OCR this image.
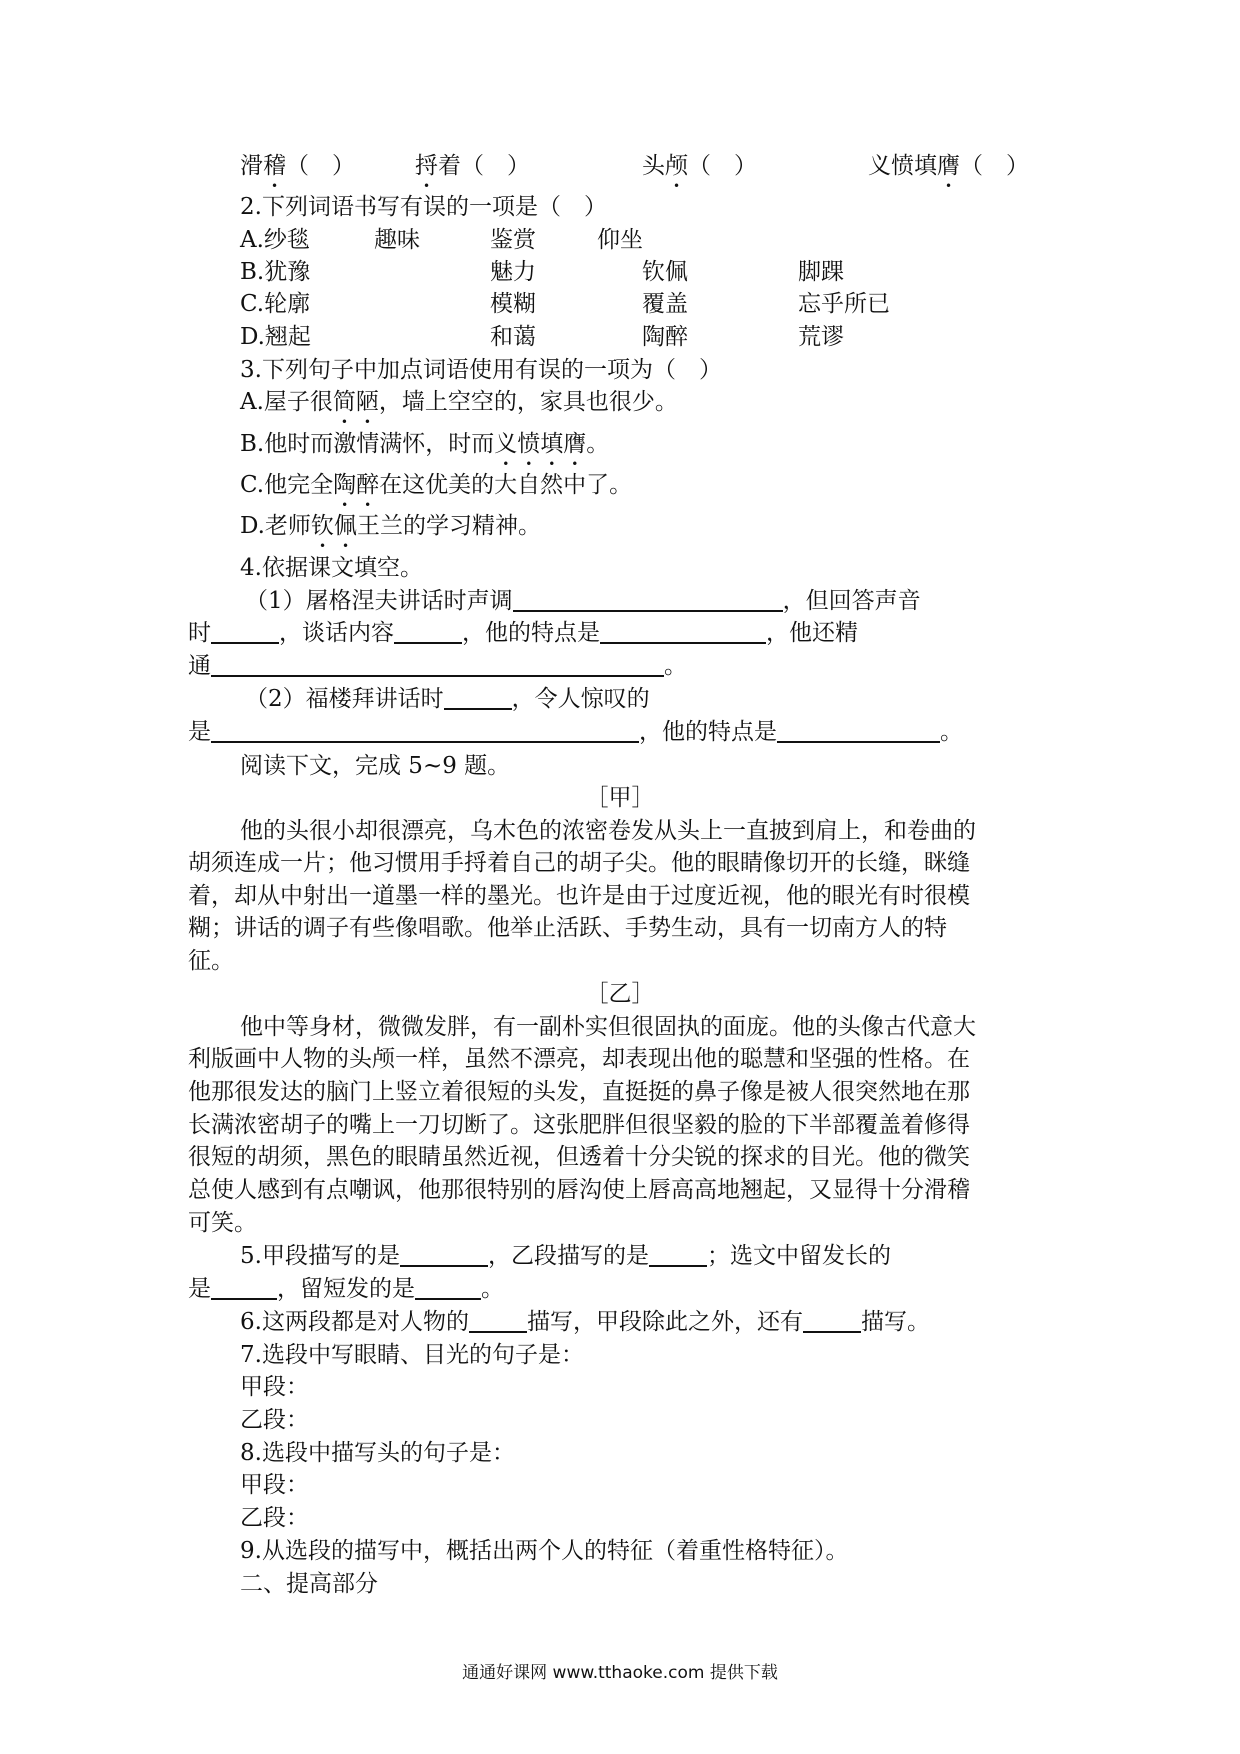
滑稽（　）	捋着（　）	头颅（　）	义愤填膺（　）
2.下列词语书写有误的一项是（　）
A.纱毯	趣味	鉴赏	仰坐
B.犹豫	魅力	钦佩	脚踝
C.轮廓	模糊	覆盖	忘乎所已
D.翘起	和蔼	陶醉	荒谬
3.下列句子中加点词语使用有误的一项为（　）
A.屋子很简陋，墙上空空的，家具也很少。
B.他时而激情满怀，时而义愤填膺。
C.他完全陶醉在这优美的大自然中了。
D.老师钦佩王兰的学习精神。
4.依据课文填空。
（1）屠格涅夫讲话时声调	，但回答声音
时	，谈话内容	，他的特点是	，他还精
通	。
（2）福楼拜讲话时	，令人惊叹的
是	，他的特点是	。
阅读下文，完成 5~9 题。
［甲］
他的头很小却很漂亮，乌木色的浓密卷发从头上一直披到肩上，和卷曲的
胡须连成一片；他习惯用手捋着自己的胡子尖。他的眼睛像切开的长缝，眯缝
着，却从中射出一道墨一样的墨光。也许是由于过度近视，他的眼光有时很模
糊；讲话的调子有些像唱歌。他举止活跃、手势生动，具有一切南方人的特
征。
［乙］
他中等身材，微微发胖，有一副朴实但很固执的面庞。他的头像古代意大
利版画中人物的头颅一样，虽然不漂亮，却表现出他的聪慧和坚强的性格。在
他那很发达的脑门上竖立着很短的头发，直挺挺的鼻子像是被人很突然地在那
长满浓密胡子的嘴上一刀切断了。这张肥胖但很坚毅的脸的下半部覆盖着修得
很短的胡须，黑色的眼睛虽然近视，但透着十分尖锐的探求的目光。他的微笑
总使人感到有点嘲讽，他那很特别的唇沟使上唇高高地翘起，又显得十分滑稽
可笑。
5.甲段描写的是	，乙段描写的是	；选文中留发长的
是	，留短发的是	。
6.这两段都是对人物的	描写，甲段除此之外，还有	描写。
7.选段中写眼睛、目光的句子是：
甲段：
乙段：
8.选段中描写头的句子是：
甲段：
乙段：
9.从选段的描写中，概括出两个人的特征（着重性格特征）。
二、提高部分
通通好课网 www.tthaoke.com 提供下载
